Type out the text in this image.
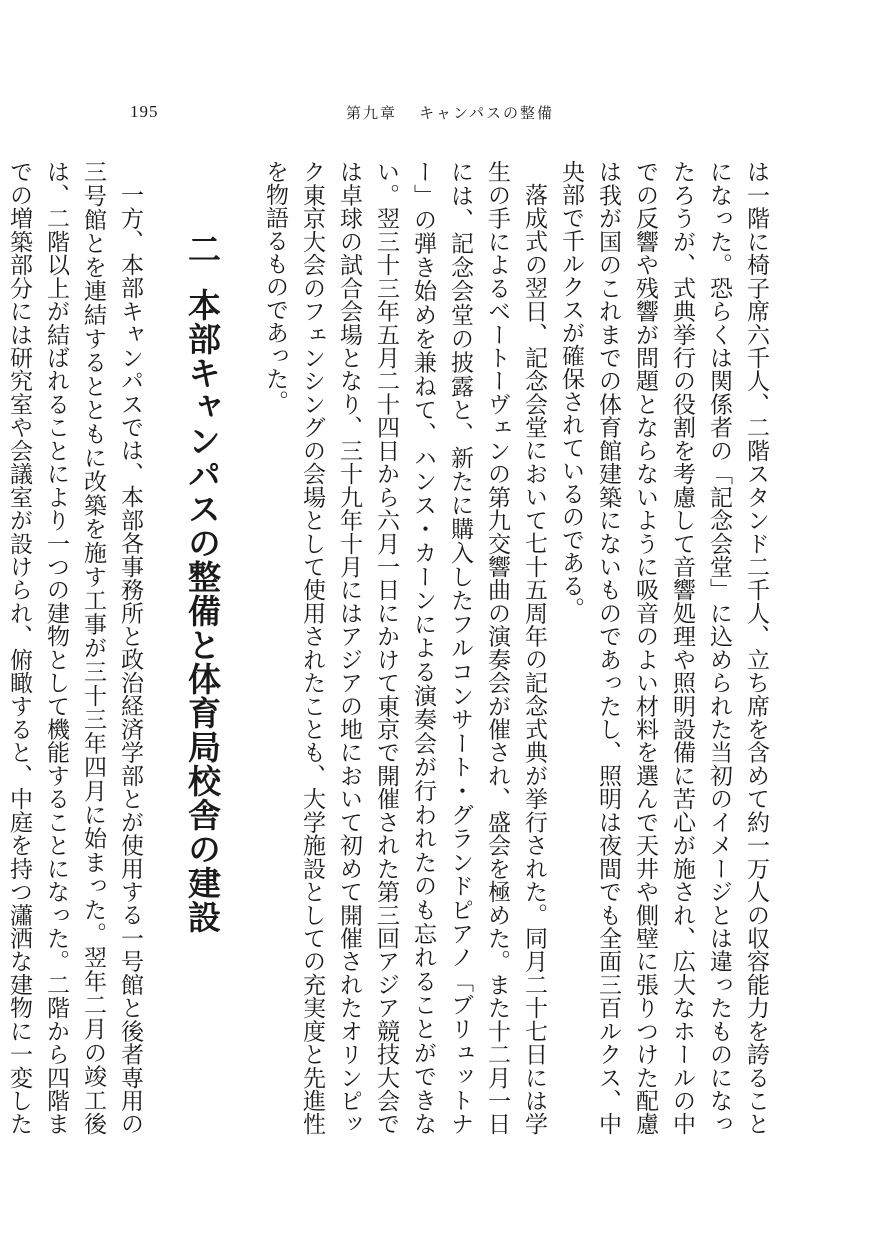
195	第九章 キャンパスの整備

は一階に椅子席六千人、二階スタンド二千人、立ち席を含めて約一万人の収容能力を誇ることになった。恐らくは関係者の「記念会堂」に込められた当初のイメージとは違ったものになったろうが、式典挙行の役割を考慮して音響処理や照明設備に苦心が施され、広大なホールの中での反響や残響が問題とならないように吸音のよい材料を選んで天井や側壁に張りつけた配慮は我が国のこれまでの体育館建築にないものであったし、照明は夜間でも全面三百ルクス、中央部で千ルクスが確保されているのである。

落成式の翌日、記念会堂において七十五周年の記念式典が挙行された。同月二十七日には学生の手によるベートーヴェンの第九交響曲の演奏会が催され、盛会を極めた。また十二月一日には、記念会堂の披露と、新たに購入したフルコンサート・グランドピアノ「ブリュットナー」の弾き始めを兼ねて、ハンス・カーンによる演奏会が行われたのも忘れることができない。翌三十三年五月二十四日から六月一日にかけて東京で開催された第三回アジア競技大会では卓球の試合会場となり、三十九年十月にはアジアの地において初めて開催されたオリンピック東京大会のフェンシングの会場として使用されたことも、大学施設としての充実度と先進性を物語るものであった。

二本部キャンパスの整備と体育局校舎の建設

一方、本部キャンパスでは、本部各事務所と政治経済学部とが使用する一号館と後者専用の三号館とを連結するとともに改築を施す工事が三十三年四月に始まった。翌年二月の竣工後は、二階以上が結ばれることにより一つの建物として機能することになった。二階から四階までの増築部分には研究室や会議室が設けられ、俯瞰すると、中庭を持つ瀟洒な建物に一変した
